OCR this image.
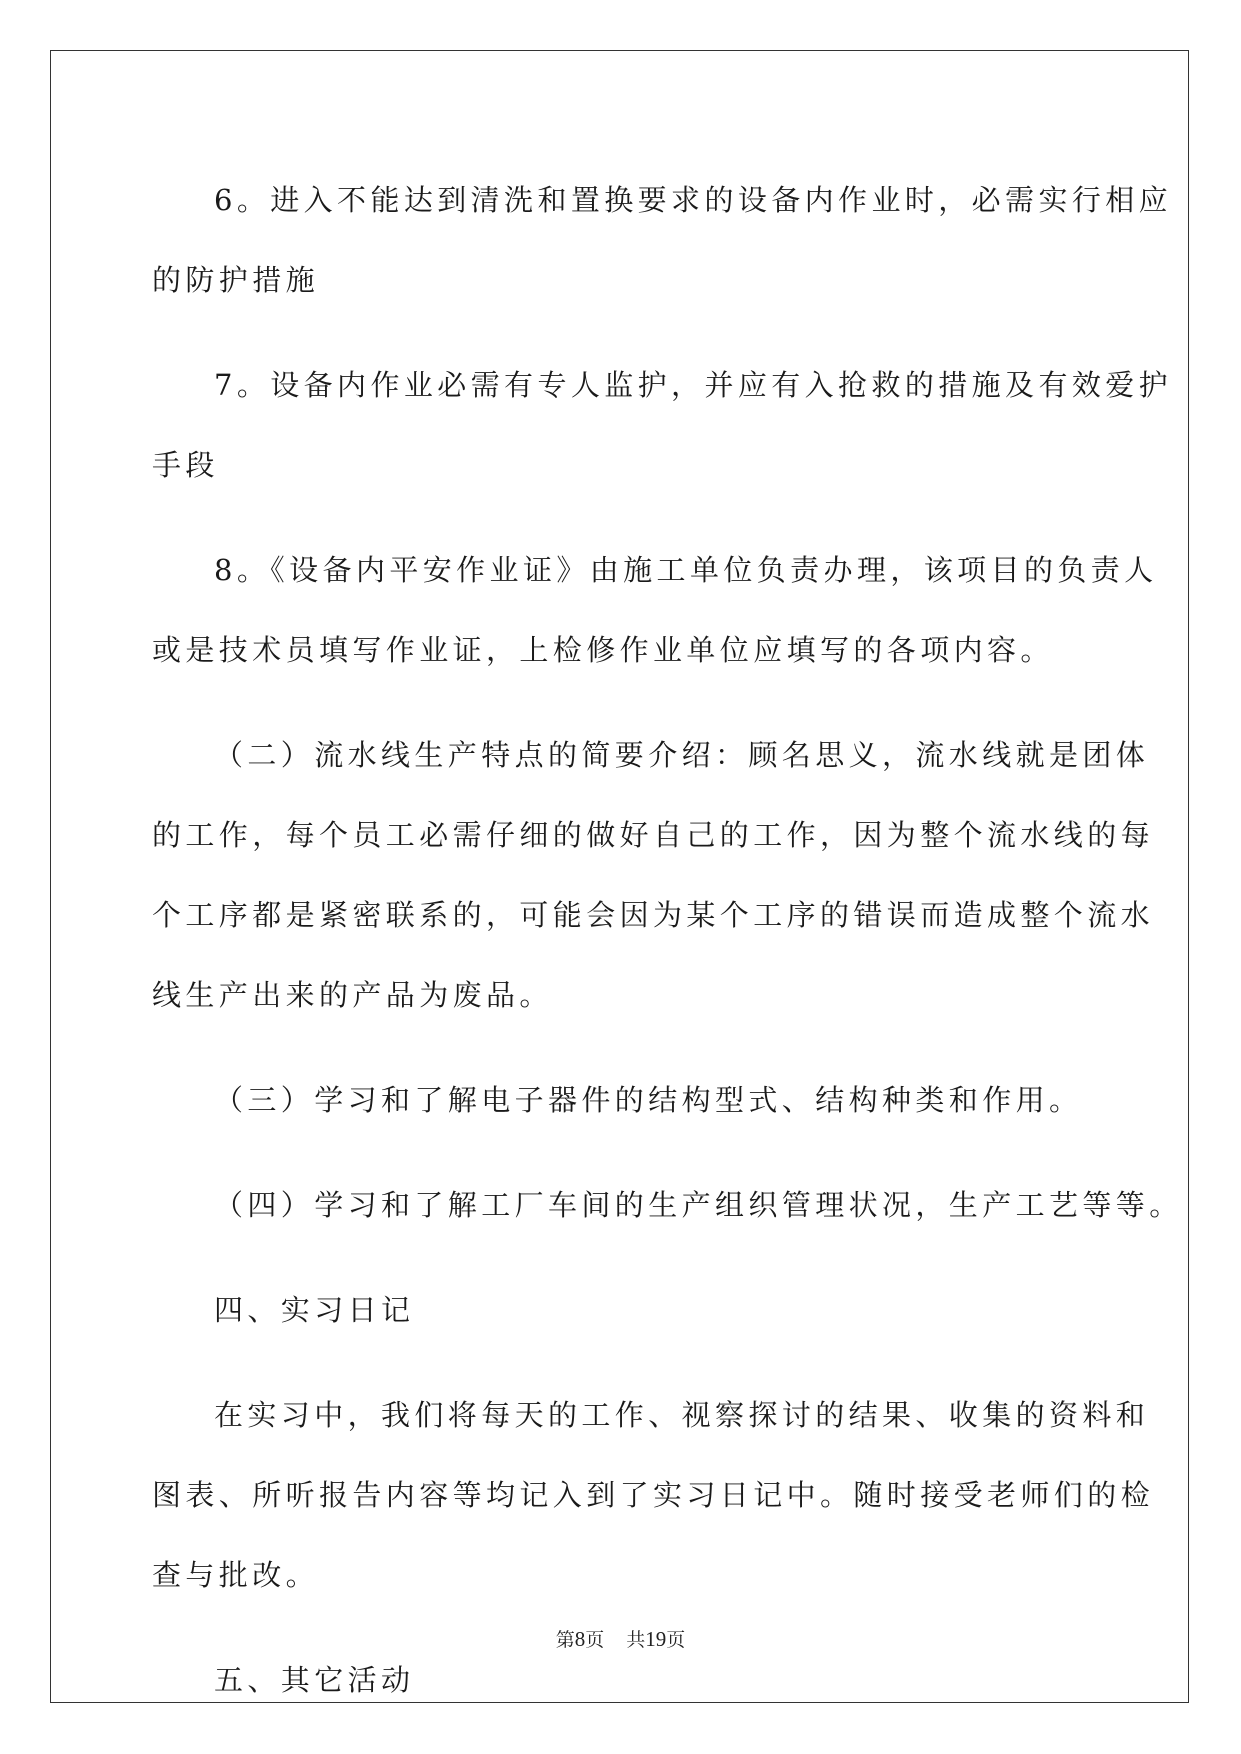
6。进入不能达到清洗和置换要求的设备内作业时，必需实行相应
的防护措施

7。设备内作业必需有专人监护，并应有入抢救的措施及有效爱护
手段

8。《设备内平安作业证》由施工单位负责办理，该项目的负责人
或是技术员填写作业证，上检修作业单位应填写的各项内容。

（二）流水线生产特点的简要介绍：顾名思义，流水线就是团体
的工作，每个员工必需仔细的做好自己的工作，因为整个流水线的每
个工序都是紧密联系的，可能会因为某个工序的错误而造成整个流水
线生产出来的产品为废品。

（三）学习和了解电子器件的结构型式、结构种类和作用。

（四）学习和了解工厂车间的生产组织管理状况，生产工艺等等。

四、实习日记

在实习中，我们将每天的工作、视察探讨的结果、收集的资料和
图表、所听报告内容等均记入到了实习日记中。随时接受老师们的检
查与批改。

五、其它活动

第8页 共19页
